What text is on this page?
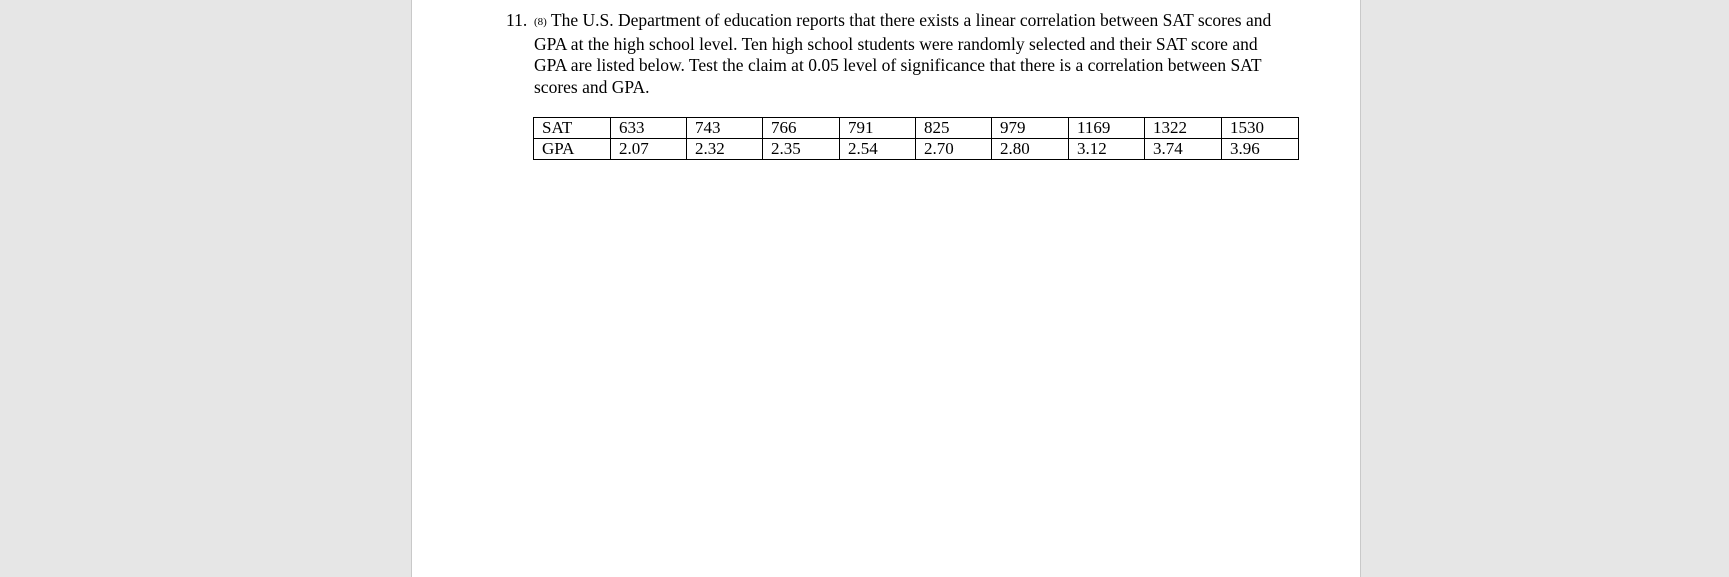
11. (8) The U.S. Department of education reports that there exists a linear correlation between SAT scores and GPA at the high school level. Ten high school students were randomly selected and their SAT score and GPA are listed below. Test the claim at 0.05 level of significance that there is a correlation between SAT scores and GPA.
SAT	633	743	766	791	825	979	1169	1322	1530
GPA	2.07	2.32	2.35	2.54	2.70	2.80	3.12	3.74	3.96
